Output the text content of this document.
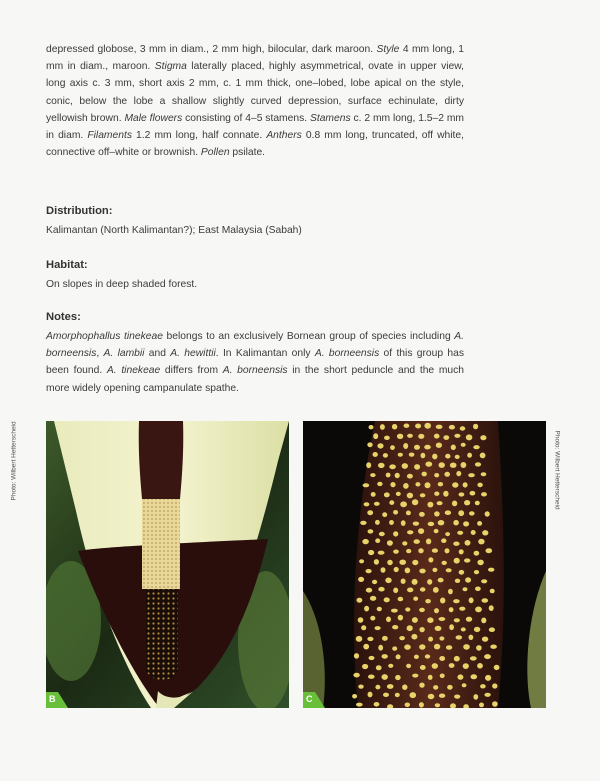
depressed globose, 3 mm in diam., 2 mm high, bilocular, dark maroon. Style 4 mm long, 1 mm in diam., maroon. Stigma laterally placed, highly asymmetrical, ovate in upper view, long axis c. 3 mm, short axis 2 mm, c. 1 mm thick, one–lobed, lobe apical on the style, conic, below the lobe a shallow slightly curved depression, surface echinulate, dirty yellowish brown. Male flowers consisting of 4–5 stamens. Stamens c. 2 mm long, 1.5–2 mm in diam. Filaments 1.2 mm long, half connate. Anthers 0.8 mm long, truncated, off white, connective off–white or brownish. Pollen psilate.
Distribution:

Kalimantan (North Kalimantan?); East Malaysia (Sabah)

Habitat:

On slopes in deep shaded forest.

Notes:

Amorphophallus tinekeae belongs to an exclusively Bornean group of species including A. borneensis, A. lambii and A. hewittii. In Kalimantan only A. borneensis of this group has been found. A. tinekeae differs from A. borneensis in the short peduncle and the much more widely opening campanulate spathe.

Photo: Wilbert Hetterscheid
B	C
Photo: Wilbert Hetterscheid
